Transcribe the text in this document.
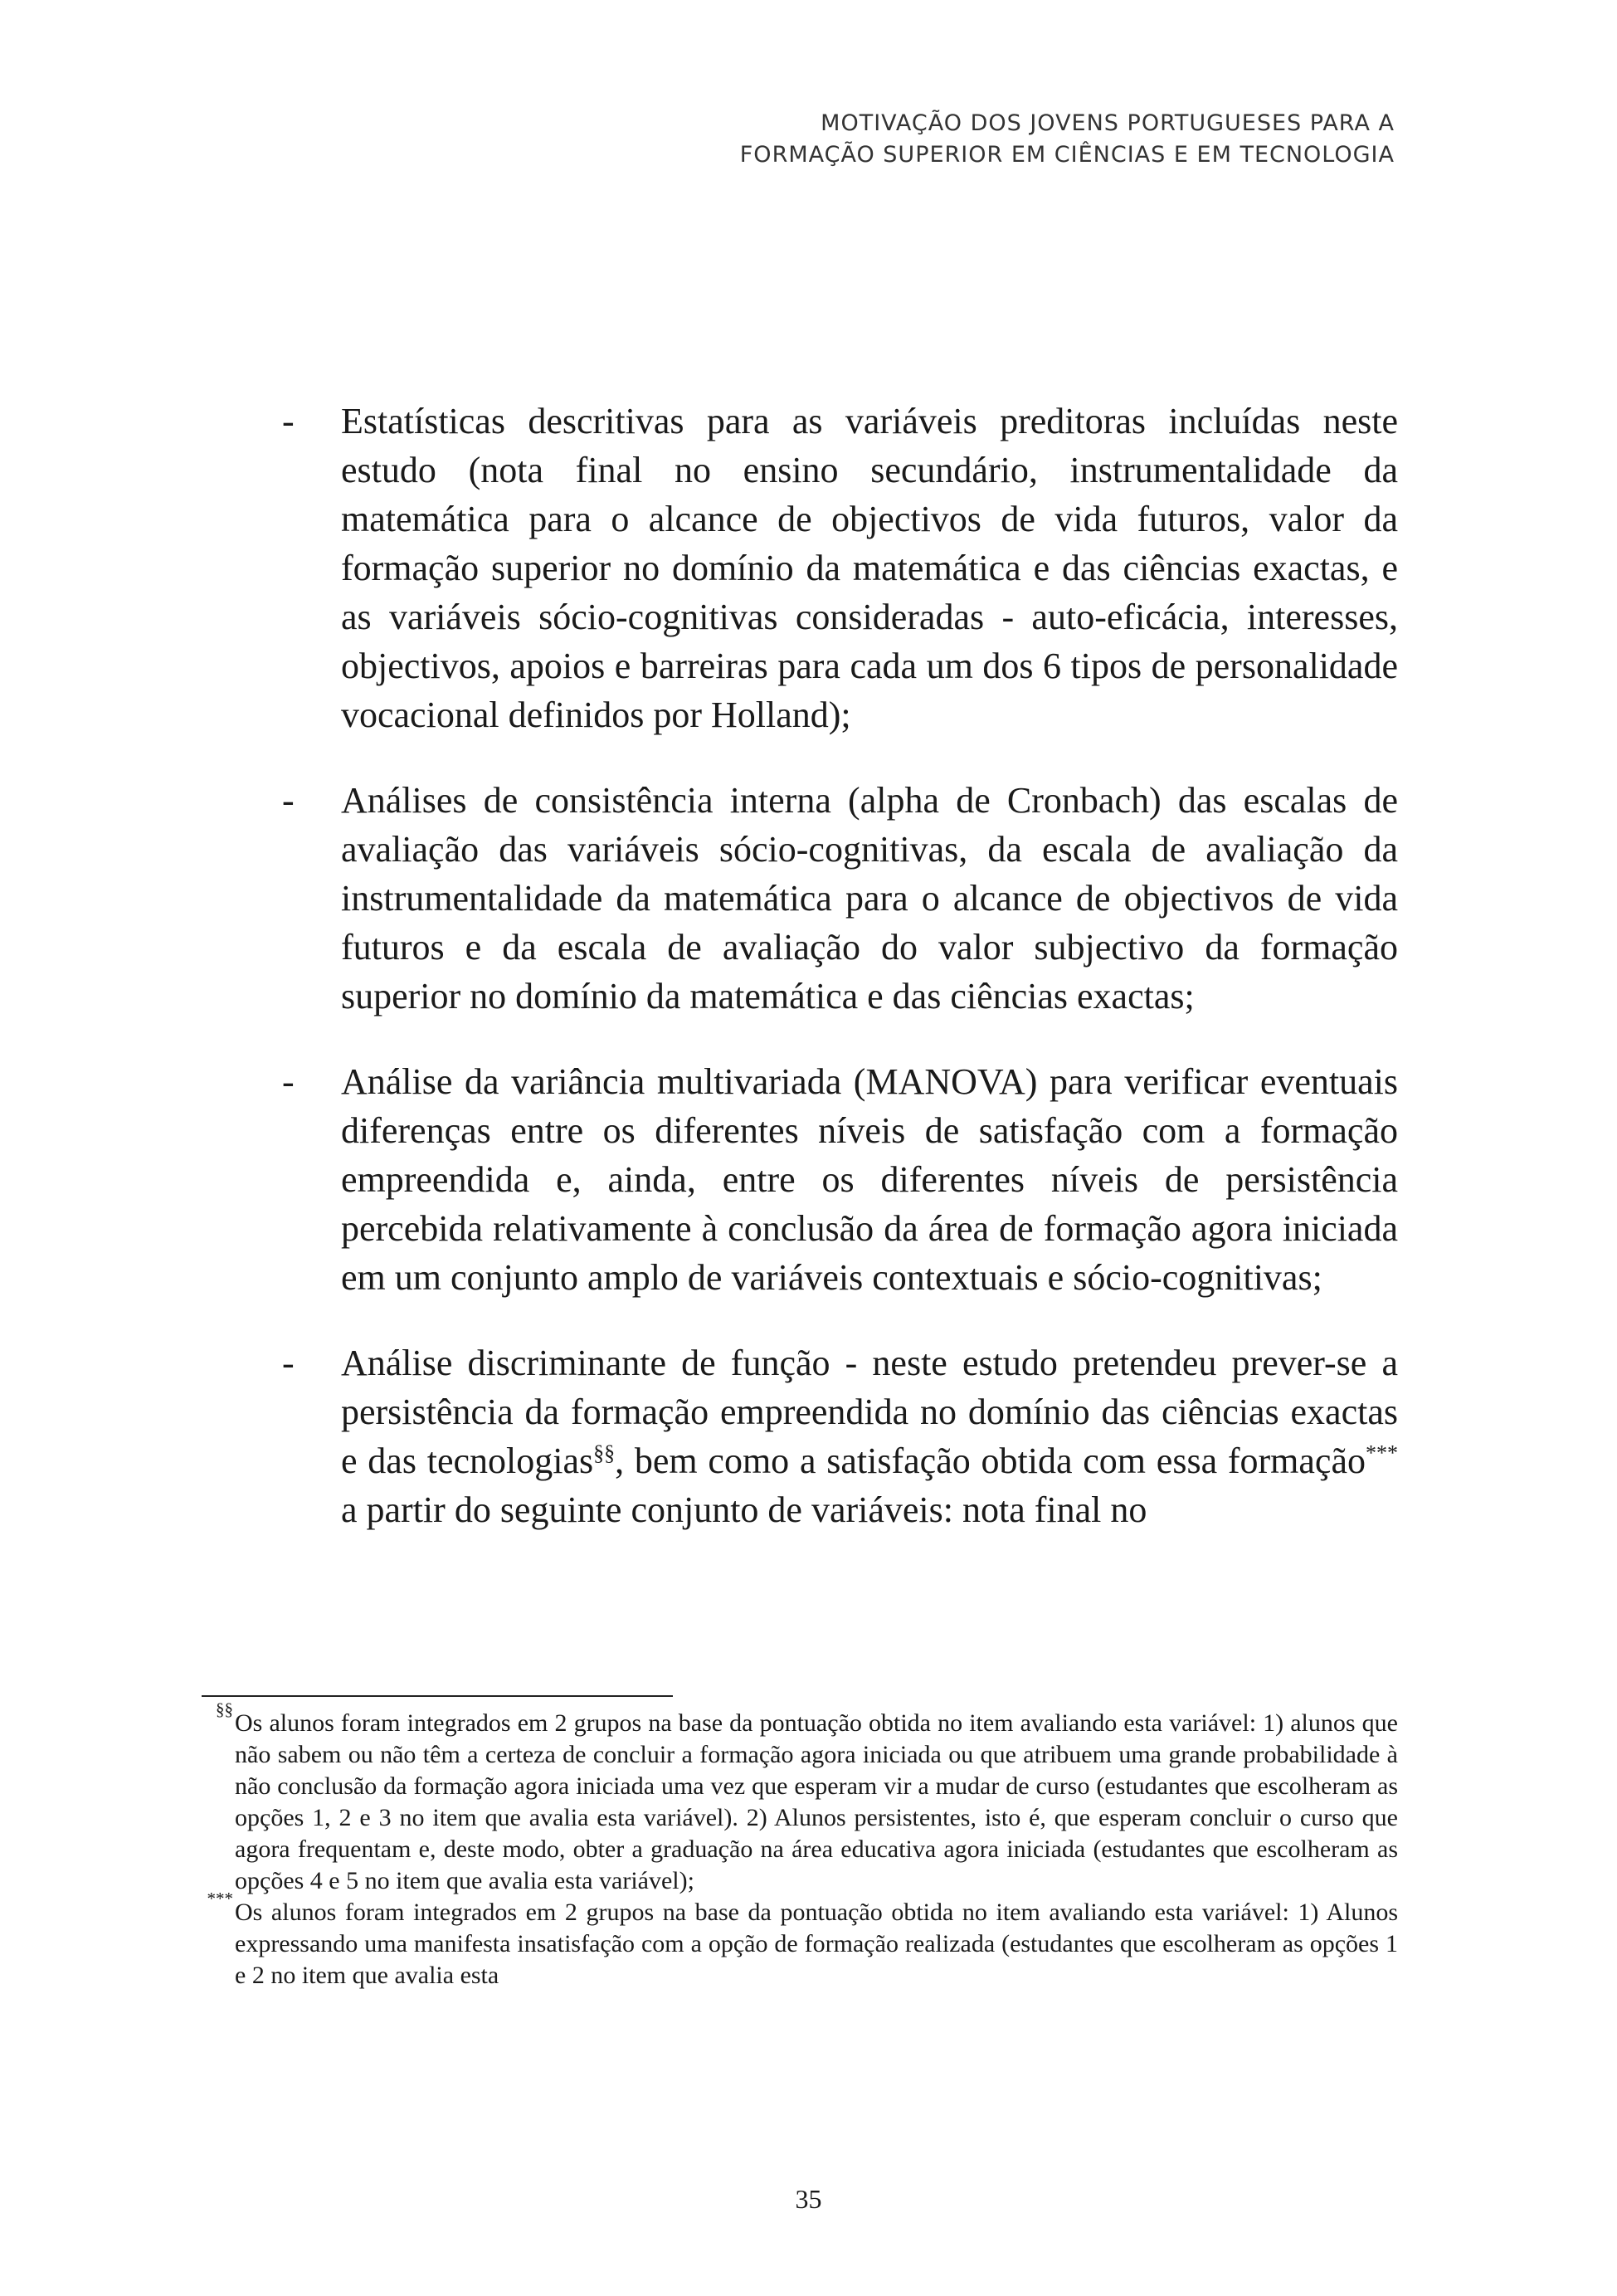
MOTIVAÇÃO DOS JOVENS PORTUGUESES PARA A
FORMAÇÃO SUPERIOR EM CIÊNCIAS E EM TECNOLOGIA
- Estatísticas descritivas para as variáveis preditoras incluídas neste estudo (nota final no ensino secundário, instrumentalidade da matemática para o alcance de objectivos de vida futuros, valor da formação superior no domínio da matemática e das ciências exactas, e as variáveis sócio-cognitivas consideradas - auto-eficácia, interesses, objectivos, apoios e barreiras para cada um dos 6 tipos de personalidade vocacional definidos por Holland);
- Análises de consistência interna (alpha de Cronbach) das escalas de avaliação das variáveis sócio-cognitivas, da escala de avaliação da instrumentalidade da matemática para o alcance de objectivos de vida futuros e da escala de avaliação do valor subjectivo da formação superior no domínio da matemática e das ciências exactas;
- Análise da variância multivariada (MANOVA) para verificar eventuais diferenças entre os diferentes níveis de satisfação com a formação empreendida e, ainda, entre os diferentes níveis de persistência percebida relativamente à conclusão da área de formação agora iniciada em um conjunto amplo de variáveis contextuais e sócio-cognitivas;
- Análise discriminante de função - neste estudo pretendeu prever-se a persistência da formação empreendida no domínio das ciências exactas e das tecnologias§§, bem como a satisfação obtida com essa formação*** a partir do seguinte conjunto de variáveis: nota final no
§§ Os alunos foram integrados em 2 grupos na base da pontuação obtida no item avaliando esta variável: 1) alunos que não sabem ou não têm a certeza de concluir a formação agora iniciada ou que atribuem uma grande probabilidade à não conclusão da formação agora iniciada uma vez que esperam vir a mudar de curso (estudantes que escolheram as opções 1, 2 e 3 no item que avalia esta variável). 2) Alunos persistentes, isto é, que esperam concluir o curso que agora frequentam e, deste modo, obter a graduação na área educativa agora iniciada (estudantes que escolheram as opções 4 e 5 no item que avalia esta variável);
*** Os alunos foram integrados em 2 grupos na base da pontuação obtida no item avaliando esta variável: 1) Alunos expressando uma manifesta insatisfação com a opção de formação realizada (estudantes que escolheram as opções 1 e 2 no item que avalia esta
35
